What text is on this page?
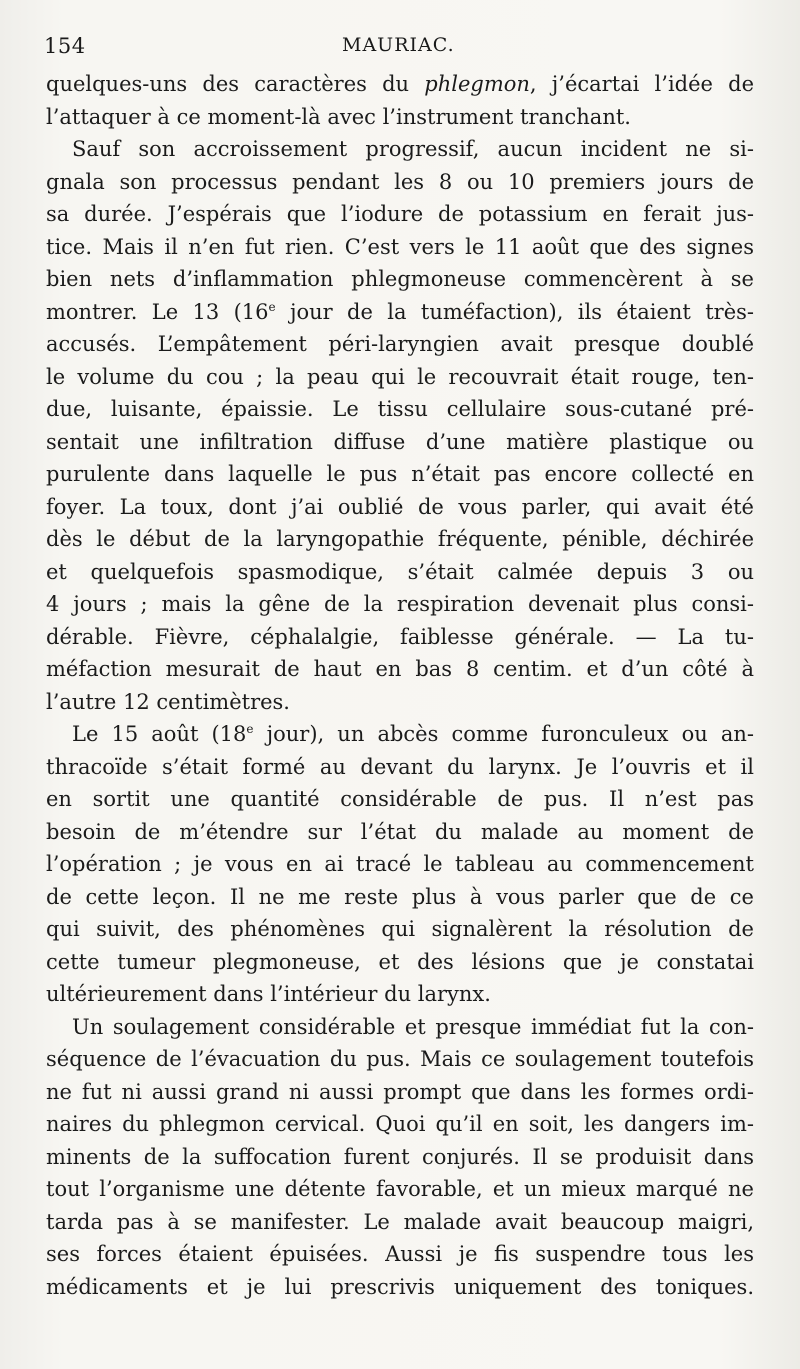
154	MAURIAC.
quelques-uns des caractères du phlegmon, j’écartai l’idée de
l’attaquer à ce moment-là avec l’instrument tranchant.
Sauf son accroissement progressif, aucun incident ne si-
gnala son processus pendant les 8 ou 10 premiers jours de
sa durée. J’espérais que l’iodure de potassium en ferait jus-
tice. Mais il n’en fut rien. C’est vers le 11 août que des signes
bien nets d’inflammation phlegmoneuse commencèrent à se
montrer. Le 13 (16e jour de la tuméfaction), ils étaient très-
accusés. L’empâtement péri-laryngien avait presque doublé
le volume du cou ; la peau qui le recouvrait était rouge, ten-
due, luisante, épaissie. Le tissu cellulaire sous-cutané pré-
sentait une infiltration diffuse d’une matière plastique ou
purulente dans laquelle le pus n’était pas encore collecté en
foyer. La toux, dont j’ai oublié de vous parler, qui avait été
dès le début de la laryngopathie fréquente, pénible, déchirée
et quelquefois spasmodique, s’était calmée depuis 3 ou
4 jours ; mais la gêne de la respiration devenait plus consi-
dérable. Fièvre, céphalalgie, faiblesse générale. — La tu-
méfaction mesurait de haut en bas 8 centim. et d’un côté à
l’autre 12 centimètres.
Le 15 août (18e jour), un abcès comme furonculeux ou an-
thracoïde s’était formé au devant du larynx. Je l’ouvris et il
en sortit une quantité considérable de pus. Il n’est pas
besoin de m’étendre sur l’état du malade au moment de
l’opération ; je vous en ai tracé le tableau au commencement
de cette leçon. Il ne me reste plus à vous parler que de ce
qui suivit, des phénomènes qui signalèrent la résolution de
cette tumeur plegmoneuse, et des lésions que je constatai
ultérieurement dans l’intérieur du larynx.
Un soulagement considérable et presque immédiat fut la con-
séquence de l’évacuation du pus. Mais ce soulagement toutefois
ne fut ni aussi grand ni aussi prompt que dans les formes ordi-
naires du phlegmon cervical. Quoi qu’il en soit, les dangers im-
minents de la suffocation furent conjurés. Il se produisit dans
tout l’organisme une détente favorable, et un mieux marqué ne
tarda pas à se manifester. Le malade avait beaucoup maigri,
ses forces étaient épuisées. Aussi je fis suspendre tous les
médicaments et je lui prescrivis uniquement des toniques.
